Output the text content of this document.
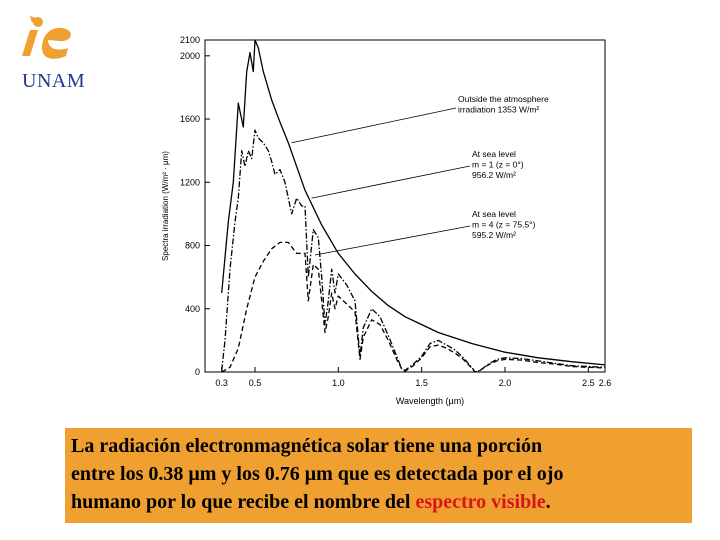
UNAM
0.3 0.5	1.0	1.5	2.0	2.5 2.6
0
400
800
1200
1600
2000
2100
Wavelength (μm)
Spectra irradiation (W/m² · μm)
Outside the atmosphere
irradiation 1353 W/m²
At sea level
m = 1 (z = 0°)
956.2 W/m²
At sea level
m = 4 (z = 75.5°)
595.2 W/m²
La radiación electronmagnética solar tiene una porción
entre los 0.38 μm y los 0.76 μm que es detectada por el ojo
humano por lo que recibe el nombre del espectro visible.
